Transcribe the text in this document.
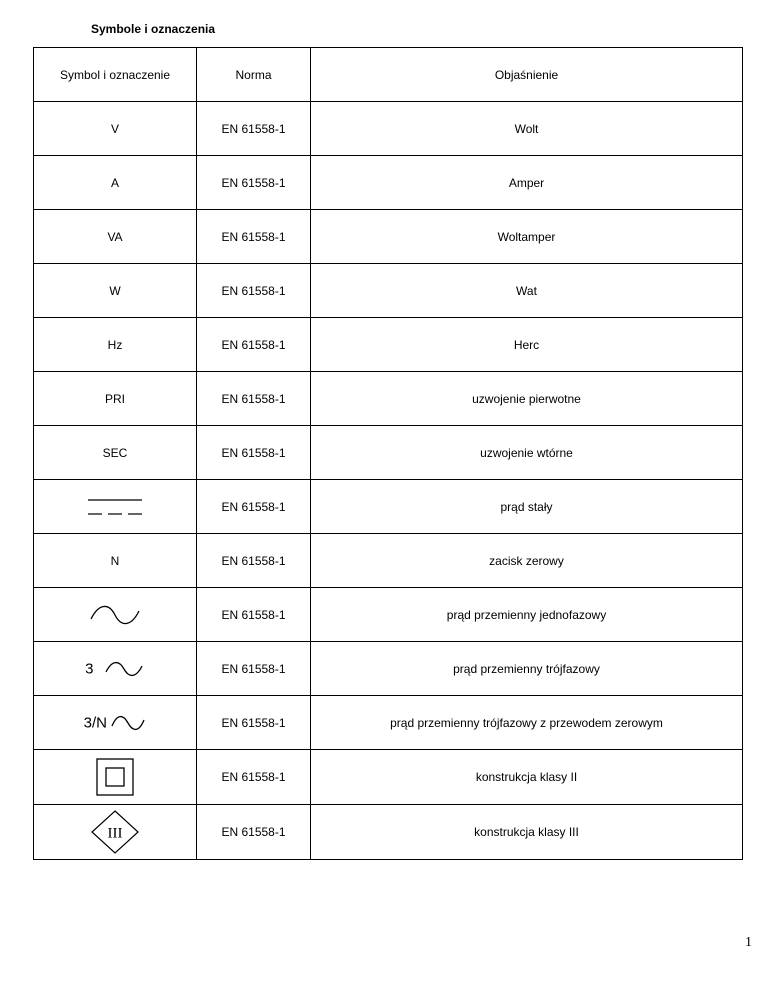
Symbole i oznaczenia
Symbol i oznaczenie	Norma	Objaśnienie
V	EN 61558-1	Wolt
A	EN 61558-1	Amper
VA	EN 61558-1	Woltamper
W	EN 61558-1	Wat
Hz	EN 61558-1	Herc
PRI	EN 61558-1	uzwojenie pierwotne
SEC	EN 61558-1	uzwojenie wtórne
	EN 61558-1	prąd stały
N	EN 61558-1	zacisk zerowy
	EN 61558-1	prąd przemienny jednofazowy
3	EN 61558-1	prąd przemienny trójfazowy
3/N	EN 61558-1	prąd przemienny trójfazowy z przewodem zerowym
	EN 61558-1	konstrukcja klasy II

III	EN 61558-1	konstrukcja klasy III
1
